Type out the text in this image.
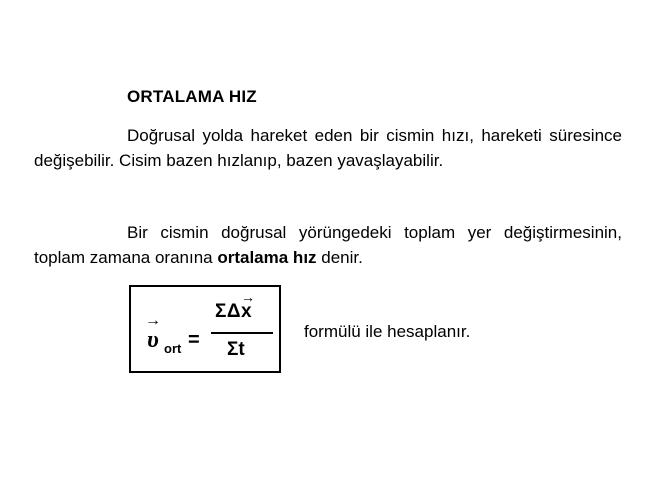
ORTALAMA HIZ
Doğrusal yolda hareket eden bir cismin hızı, hareketi süresince değişebilir. Cisim bazen hızlanıp, bazen yavaşlayabilir.
Bir cismin doğrusal yörüngedeki toplam yer değiştirmesinin, toplam zamana oranına ortalama hız denir.
→
υ ort =
→
ΣΔx
Σt
formülü ile hesaplanır.
